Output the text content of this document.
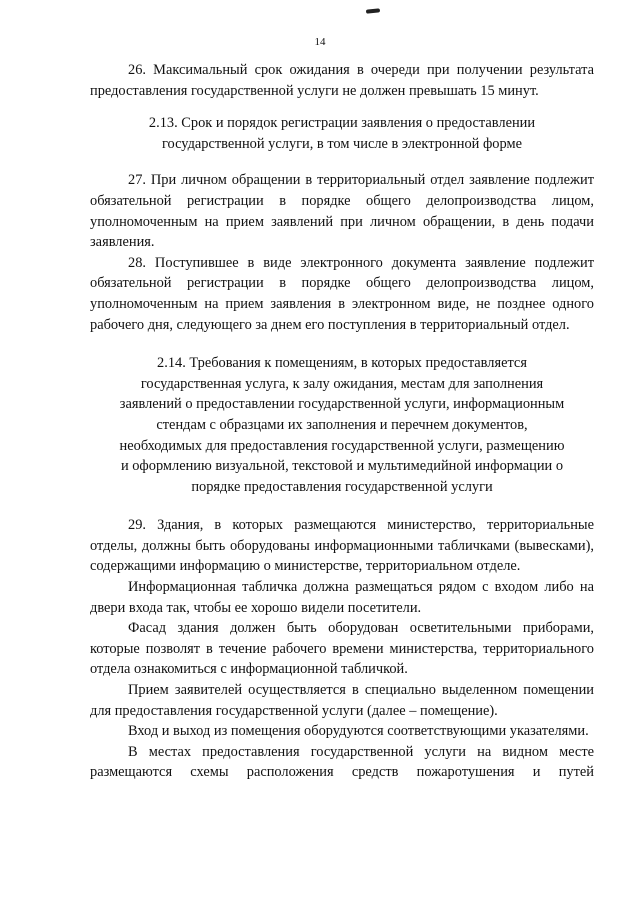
14

26. Максимальный срок ожидания в очереди при получении результата предоставления государственной услуги не должен превышать 15 минут.

2.13. Срок и порядок регистрации заявления о предоставлении государственной услуги, в том числе в электронной форме

27. При личном обращении в территориальный отдел заявление подлежит обязательной регистрации в порядке общего делопроизводства лицом, уполномоченным на прием заявлений при личном обращении, в день подачи заявления.

28. Поступившее в виде электронного документа заявление подлежит обязательной регистрации в порядке общего делопроизводства лицом, уполномоченным на прием заявления в электронном виде, не позднее одного рабочего дня, следующего за днем его поступления в территориальный отдел.

2.14. Требования к помещениям, в которых предоставляется государственная услуга, к залу ожидания, местам для заполнения заявлений о предоставлении государственной услуги, информационным стендам с образцами их заполнения и перечнем документов, необходимых для предоставления государственной услуги, размещению и оформлению визуальной, текстовой и мультимедийной информации о порядке предоставления государственной услуги

29. Здания, в которых размещаются министерство, территориальные отделы, должны быть оборудованы информационными табличками (вывесками), содержащими информацию о министерстве, территориальном отделе.

Информационная табличка должна размещаться рядом с входом либо на двери входа так, чтобы ее хорошо видели посетители.

Фасад здания должен быть оборудован осветительными приборами, которые позволят в течение рабочего времени министерства, территориального отдела ознакомиться с информационной табличкой.

Прием заявителей осуществляется в специально выделенном помещении для предоставления государственной услуги (далее – помещение).

Вход и выход из помещения оборудуются соответствующими указателями.

В местах предоставления государственной услуги на видном месте размещаются схемы расположения средств пожаротушения и путей
